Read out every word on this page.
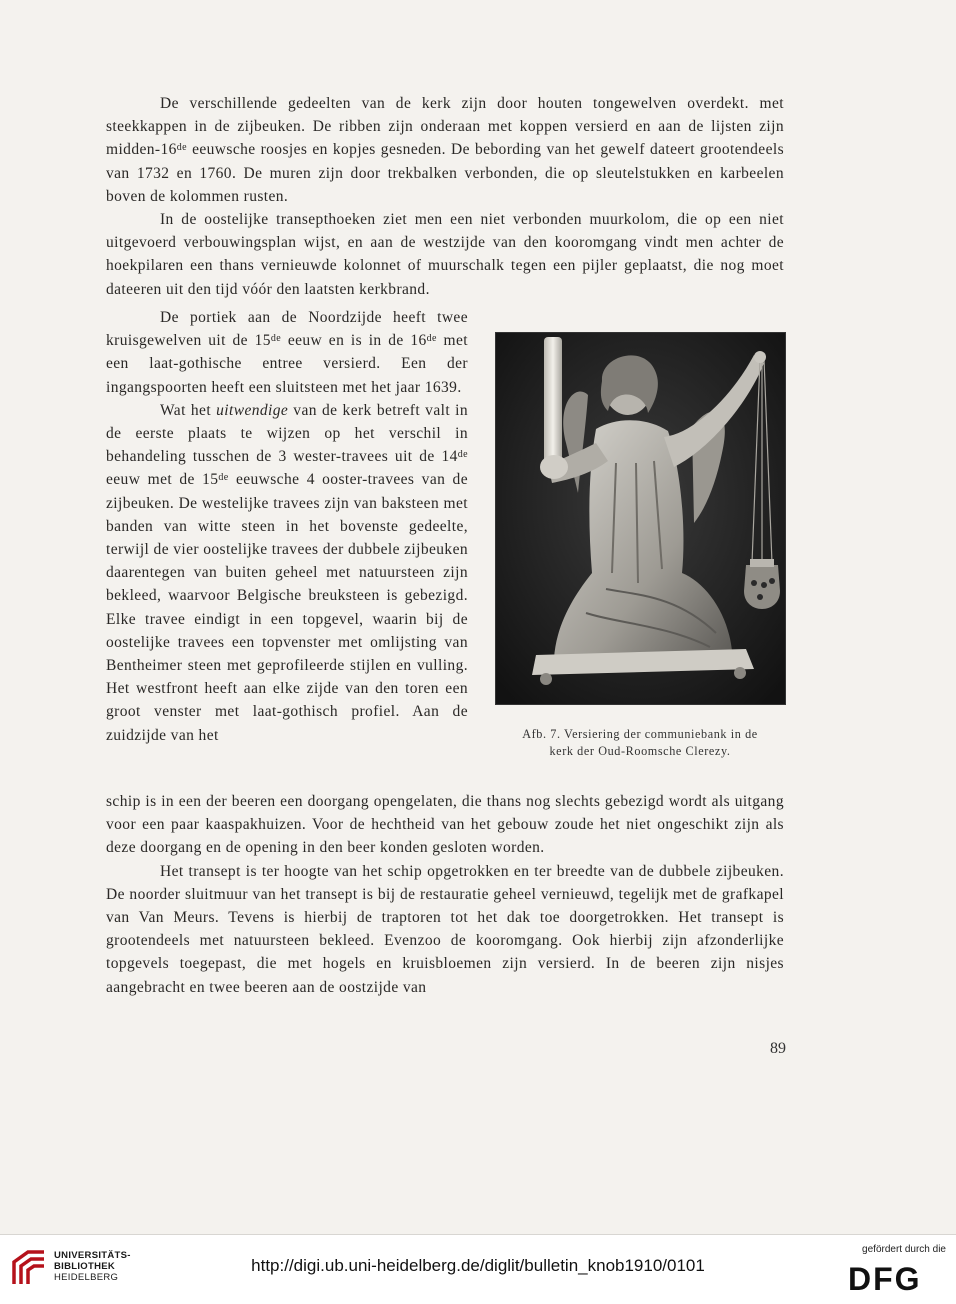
De verschillende gedeelten van de kerk zijn door houten tongewelven overdekt. met steekkappen in de zijbeuken. De ribben zijn onderaan met koppen versierd en aan de lijsten zijn midden-16de eeuwsche roosjes en kopjes gesneden. De bebording van het gewelf dateert grootendeels van 1732 en 1760. De muren zijn door trekbalken verbonden, die op sleutelstukken en karbeelen boven de kolommen rusten.

In de oostelijke transepthoeken ziet men een niet verbonden muurkolom, die op een niet uitgevoerd verbouwingsplan wijst, en aan de westzijde van den kooromgang vindt men achter de hoekpilaren een thans vernieuwde kolonnet of muurschalk tegen een pijler geplaatst, die nog moet dateeren uit den tijd vóór den laatsten kerkbrand.

De portiek aan de Noordzijde heeft twee kruisgewelven uit de 15de eeuw en is in de 16de met een laat-gothische entree versierd. Een der ingangspoorten heeft een sluitsteen met het jaar 1639.

Wat het uitwendige van de kerk betreft valt in de eerste plaats te wijzen op het verschil in behandeling tusschen de 3 wester-travees uit de 14de eeuw met de 15de eeuwsche 4 ooster-travees van de zijbeuken. De westelijke travees zijn van baksteen met banden van witte steen in het bovenste gedeelte, terwijl de vier oostelijke travees der dubbele zijbeuken daarentegen van buiten geheel met natuursteen zijn bekleed, waarvoor Belgische breuksteen is gebezigd. Elke travee eindigt in een topgevel, waarin bij de oostelijke travees een topvenster met omlijsting van Bentheimer steen met geprofileerde stijlen en vulling. Het westfront heeft aan elke zijde van den toren een groot venster met laat-gothisch profiel. Aan de zuidzijde van het

schip is in een der beeren een doorgang opengelaten, die thans nog slechts gebezigd wordt als uitgang voor een paar kaaspakhuizen. Voor de hechtheid van het gebouw zoude het niet ongeschikt zijn als deze doorgang en de opening in den beer konden gesloten worden.

Het transept is ter hoogte van het schip opgetrokken en ter breedte van de dubbele zijbeuken. De noorder sluitmuur van het transept is bij de restauratie geheel vernieuwd, tegelijk met de grafkapel van Van Meurs. Tevens is hierbij de traptoren tot het dak toe doorgetrokken. Het transept is grootendeels met natuursteen bekleed. Evenzoo de kooromgang. Ook hierbij zijn afzonderlijke topgevels toegepast, die met hogels en kruisbloemen zijn versierd. In de beeren zijn nisjes aangebracht en twee beeren aan de oostzijde van

Afb. 7. Versiering der communiebank in de
kerk der Oud-Roomsche Clerezy.
89
UNIVERSITÄTS-
BIBLIOTHEK
HEIDELBERG
http://digi.ub.uni-heidelberg.de/diglit/bulletin_knob1910/0101
gefördert durch die
DFG
